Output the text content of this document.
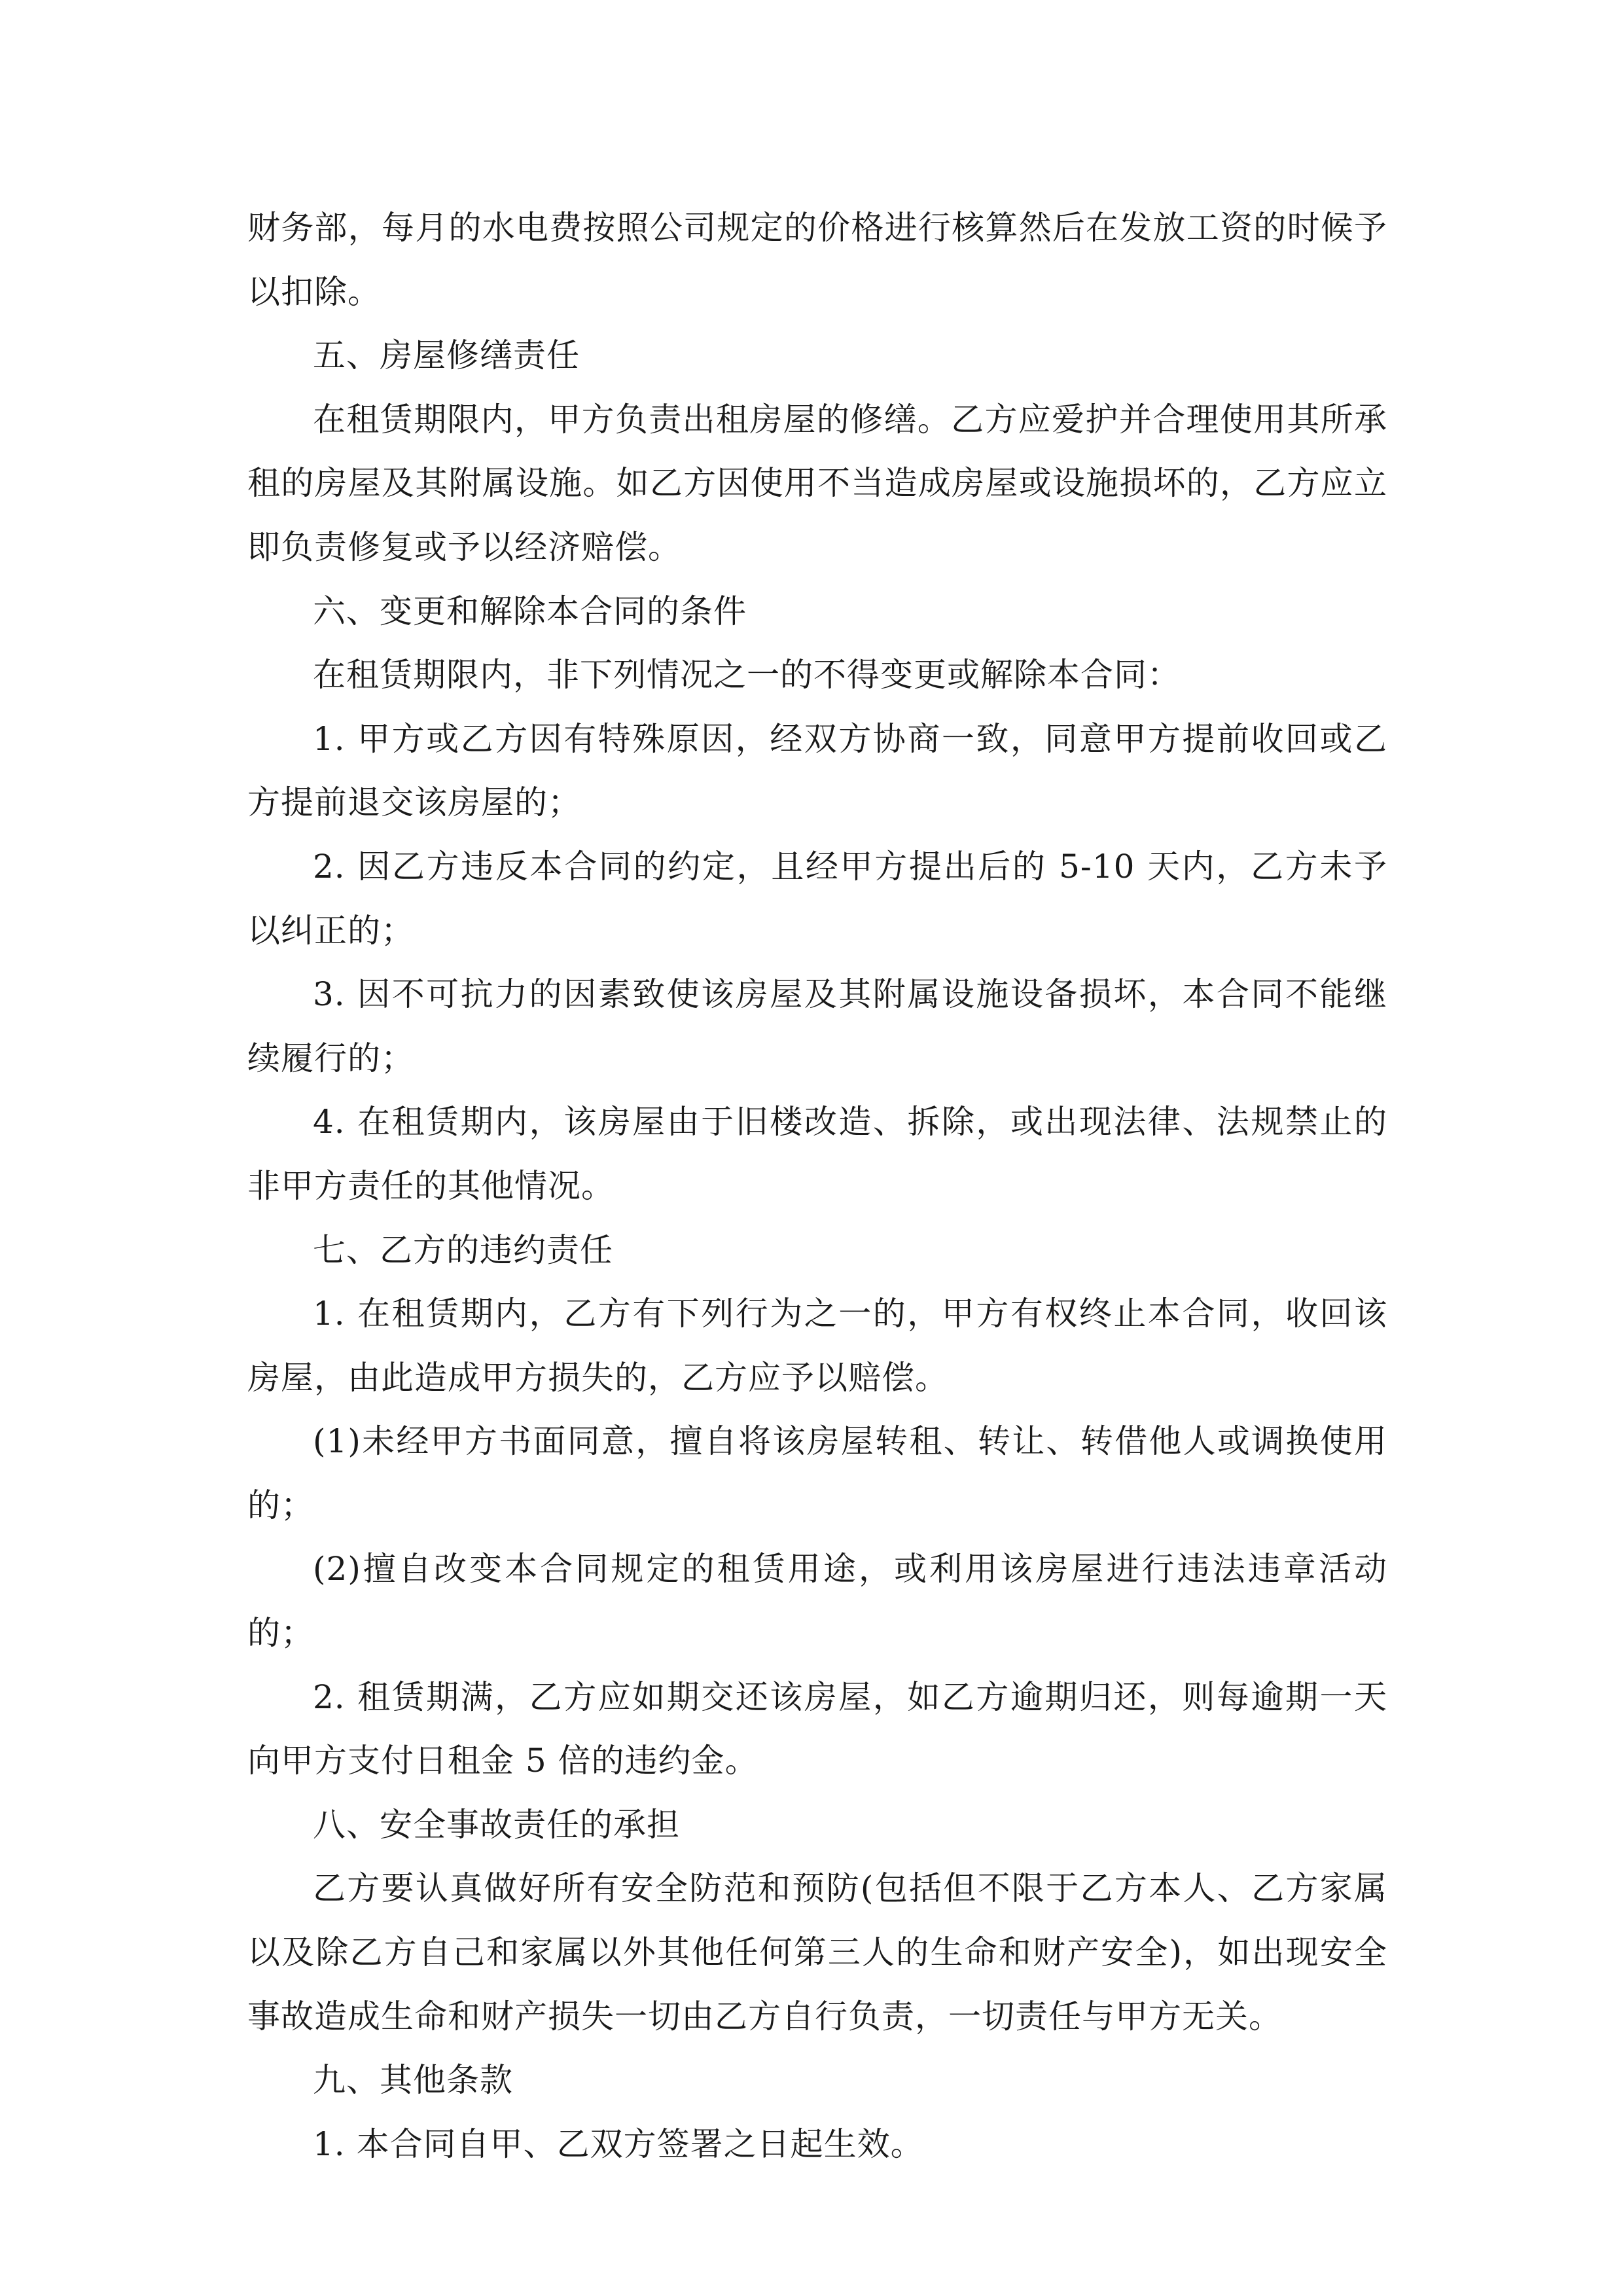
财务部，每月的水电费按照公司规定的价格进行核算然后在发放工资的时候予以扣除。

五、房屋修缮责任

在租赁期限内，甲方负责出租房屋的修缮。乙方应爱护并合理使用其所承租的房屋及其附属设施。如乙方因使用不当造成房屋或设施损坏的，乙方应立即负责修复或予以经济赔偿。

六、变更和解除本合同的条件

在租赁期限内，非下列情况之一的不得变更或解除本合同：

1. 甲方或乙方因有特殊原因，经双方协商一致，同意甲方提前收回或乙方提前退交该房屋的；

2. 因乙方违反本合同的约定，且经甲方提出后的 5-10 天内，乙方未予以纠正的；

3. 因不可抗力的因素致使该房屋及其附属设施设备损坏，本合同不能继续履行的；

4. 在租赁期内，该房屋由于旧楼改造、拆除，或出现法律、法规禁止的非甲方责任的其他情况。

七、乙方的违约责任

1. 在租赁期内，乙方有下列行为之一的，甲方有权终止本合同，收回该房屋，由此造成甲方损失的，乙方应予以赔偿。

(1)未经甲方书面同意，擅自将该房屋转租、转让、转借他人或调换使用的；

(2)擅自改变本合同规定的租赁用途，或利用该房屋进行违法违章活动的；

2. 租赁期满，乙方应如期交还该房屋，如乙方逾期归还，则每逾期一天向甲方支付日租金 5 倍的违约金。

八、安全事故责任的承担

乙方要认真做好所有安全防范和预防(包括但不限于乙方本人、乙方家属以及除乙方自己和家属以外其他任何第三人的生命和财产安全)，如出现安全事故造成生命和财产损失一切由乙方自行负责，一切责任与甲方无关。

九、其他条款

1. 本合同自甲、乙双方签署之日起生效。
